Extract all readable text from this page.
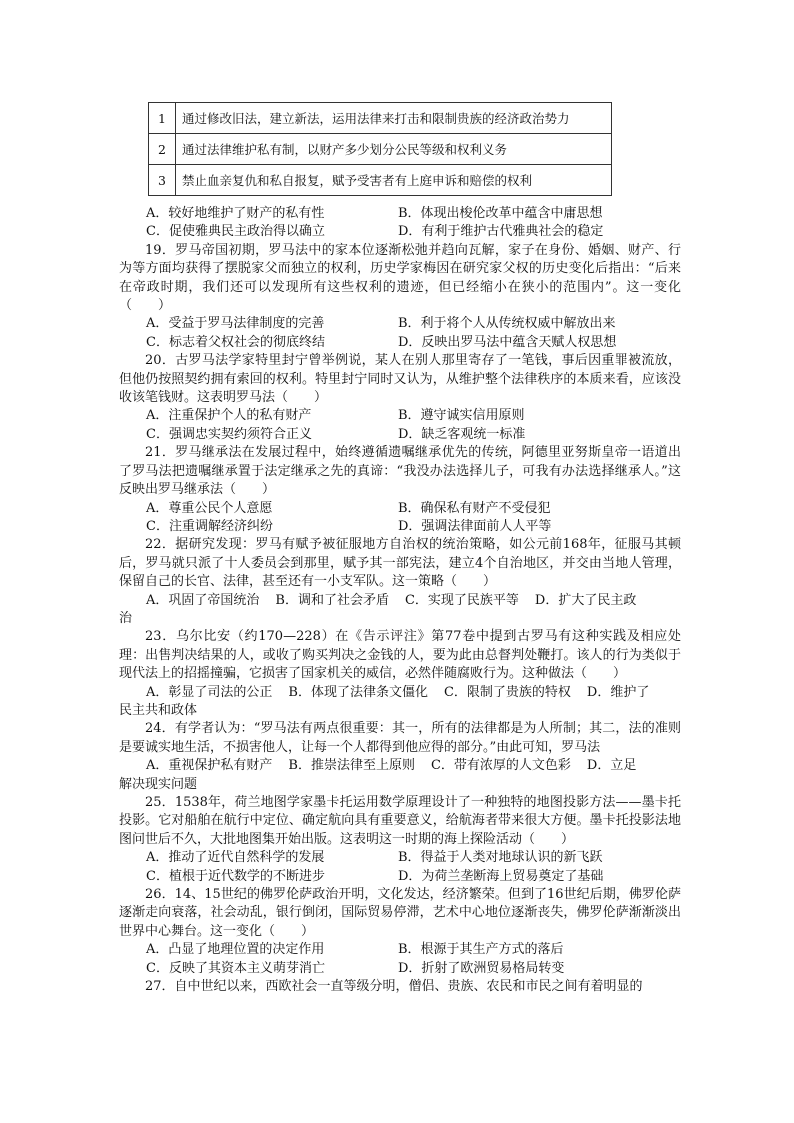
1	通过修改旧法，建立新法，运用法律来打击和限制贵族的经济政治势力
2	通过法律维护私有制，以财产多少划分公民等级和权利义务
3	禁止血亲复仇和私自报复，赋予受害者有上庭申诉和赔偿的权利
A．较好地维护了财产的私有性	B．体现出梭伦改革中蕴含中庸思想
C．促使雅典民主政治得以确立	D．有利于维护古代雅典社会的稳定

19．罗马帝国初期，罗马法中的家本位逐渐松弛并趋向瓦解，家子在身份、婚姻、财产、行为等方面均获得了摆脱家父而独立的权利，历史学家梅因在研究家父权的历史变化后指出：“后来在帝政时期，我们还可以发现所有这些权利的遗迹，但已经缩小在狭小的范围内”。这一变化（　　）

A．受益于罗马法律制度的完善	B．利于将个人从传统权威中解放出来
C．标志着父权社会的彻底终结	D．反映出罗马法中蕴含天赋人权思想

20．古罗马法学家特里封宁曾举例说，某人在别人那里寄存了一笔钱，事后因重罪被流放，但他仍按照契约拥有索回的权利。特里封宁同时又认为，从维护整个法律秩序的本质来看，应该没收该笔钱财。这表明罗马法（　　）

A．注重保护个人的私有财产	B．遵守诚实信用原则
C．强调忠实契约须符合正义	D．缺乏客观统一标准

21．罗马继承法在发展过程中，始终遵循遗嘱继承优先的传统，阿德里亚努斯皇帝一语道出了罗马法把遗嘱继承置于法定继承之先的真谛：“我没办法选择儿子，可我有办法选择继承人。”这反映出罗马继承法（　　）

A．尊重公民个人意愿	B．确保私有财产不受侵犯
C．注重调解经济纠纷	D．强调法律面前人人平等

22．据研究发现：罗马有赋予被征服地方自治权的统治策略，如公元前168年，征服马其顿后，罗马就只派了十人委员会到那里，赋予其一部宪法，建立4个自治地区，并交由当地人管理，保留自己的长官、法律，甚至还有一小支军队。这一策略（　　）

A．巩固了帝国统治 B．调和了社会矛盾 C．实现了民族平等 D．扩大了民主政

治

23．乌尔比安（约170—228）在《告示评注》第77卷中提到古罗马有这种实践及相应处理：出售判决结果的人，或收了购买判决之金钱的人，要为此由总督判处鞭打。该人的行为类似于现代法上的招摇撞骗，它损害了国家机关的威信，必然伴随腐败行为。这种做法（　　）

A．彰显了司法的公正 B．体现了法律条文僵化 C．限制了贵族的特权 D．维护了

民主共和政体

24．有学者认为：“罗马法有两点很重要：其一，所有的法律都是为人所制；其二，法的准则是要诚实地生活，不损害他人，让每一个人都得到他应得的部分。”由此可知，罗马法

A．重视保护私有财产 B．推崇法律至上原则 C．带有浓厚的人文色彩 D．立足

解决现实问题

25．1538年，荷兰地图学家墨卡托运用数学原理设计了一种独特的地图投影方法——墨卡托投影。它对船舶在航行中定位、确定航向具有重要意义，给航海者带来很大方便。墨卡托投影法地图问世后不久，大批地图集开始出版。这表明这一时期的海上探险活动（　　）

A．推动了近代自然科学的发展	B．得益于人类对地球认识的新飞跃
C．植根于近代数学的不断进步	D．为荷兰垄断海上贸易奠定了基础

26．14、15世纪的佛罗伦萨政治开明，文化发达，经济繁荣。但到了16世纪后期，佛罗伦萨逐渐走向衰落，社会动乱，银行倒闭，国际贸易停滞，艺术中心地位逐渐丧失，佛罗伦萨渐渐淡出世界中心舞台。这一变化（　　）

A．凸显了地理位置的决定作用	B．根源于其生产方式的落后
C．反映了其资本主义萌芽消亡	D．折射了欧洲贸易格局转变

27．自中世纪以来，西欧社会一直等级分明，僧侣、贵族、农民和市民之间有着明显的
